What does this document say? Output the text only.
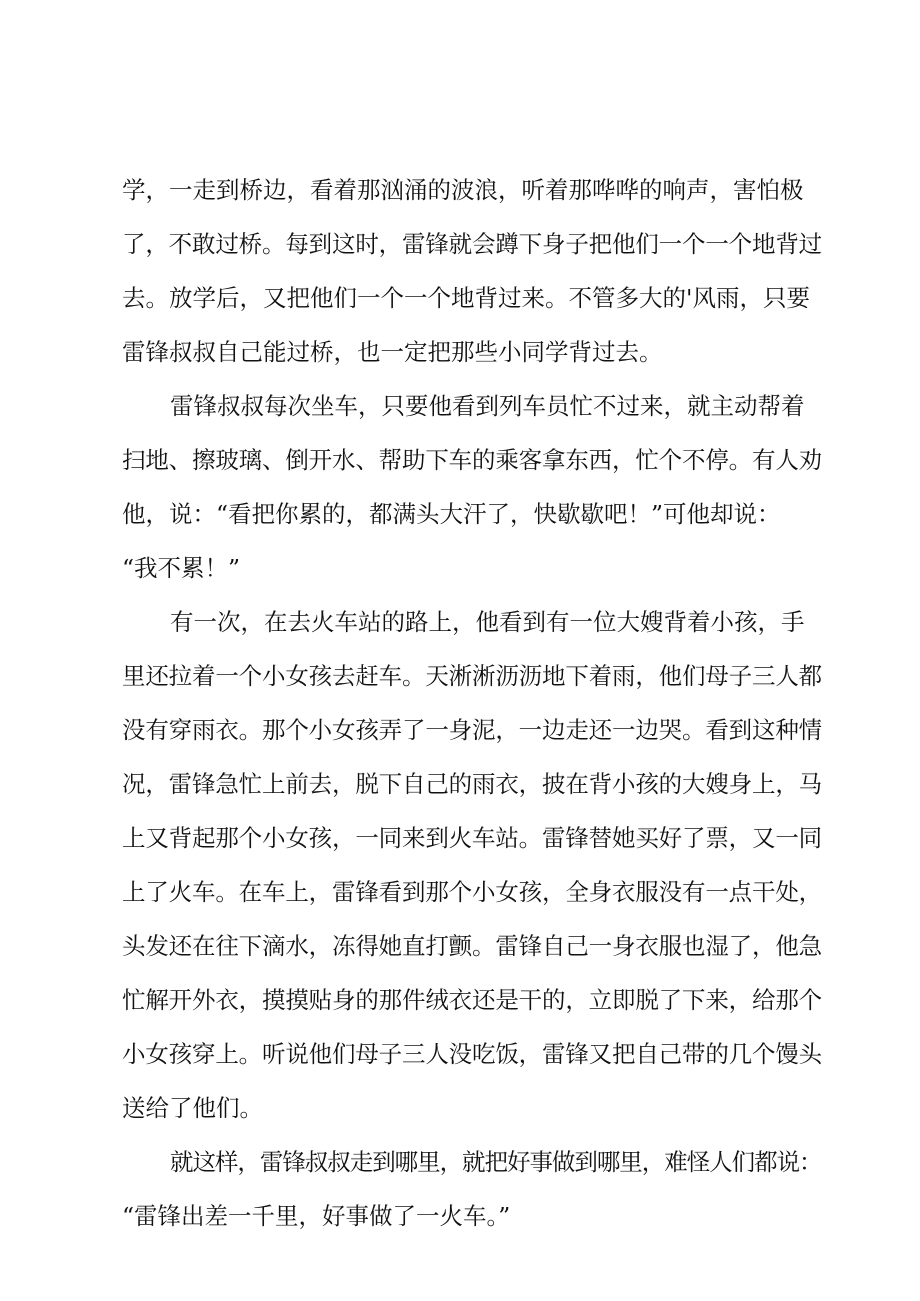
学，一走到桥边，看着那汹涌的波浪，听着那哗哗的响声，害怕极
了，不敢过桥。每到这时，雷锋就会蹲下身子把他们一个一个地背过
去。放学后，又把他们一个一个地背过来。不管多大的'风雨，只要
雷锋叔叔自己能过桥，也一定把那些小同学背过去。
雷锋叔叔每次坐车，只要他看到列车员忙不过来，就主动帮着
扫地、擦玻璃、倒开水、帮助下车的乘客拿东西，忙个不停。有人劝
他，说：“看把你累的，都满头大汗了，快歇歇吧！”可他却说：
“我不累！”
有一次，在去火车站的路上，他看到有一位大嫂背着小孩，手
里还拉着一个小女孩去赶车。天淅淅沥沥地下着雨，他们母子三人都
没有穿雨衣。那个小女孩弄了一身泥，一边走还一边哭。看到这种情
况，雷锋急忙上前去，脱下自己的雨衣，披在背小孩的大嫂身上，马
上又背起那个小女孩，一同来到火车站。雷锋替她买好了票，又一同
上了火车。在车上，雷锋看到那个小女孩，全身衣服没有一点干处，
头发还在往下滴水，冻得她直打颤。雷锋自己一身衣服也湿了，他急
忙解开外衣，摸摸贴身的那件绒衣还是干的，立即脱了下来，给那个
小女孩穿上。听说他们母子三人没吃饭，雷锋又把自己带的几个馒头
送给了他们。
就这样，雷锋叔叔走到哪里，就把好事做到哪里，难怪人们都说：
“雷锋出差一千里，好事做了一火车。”
